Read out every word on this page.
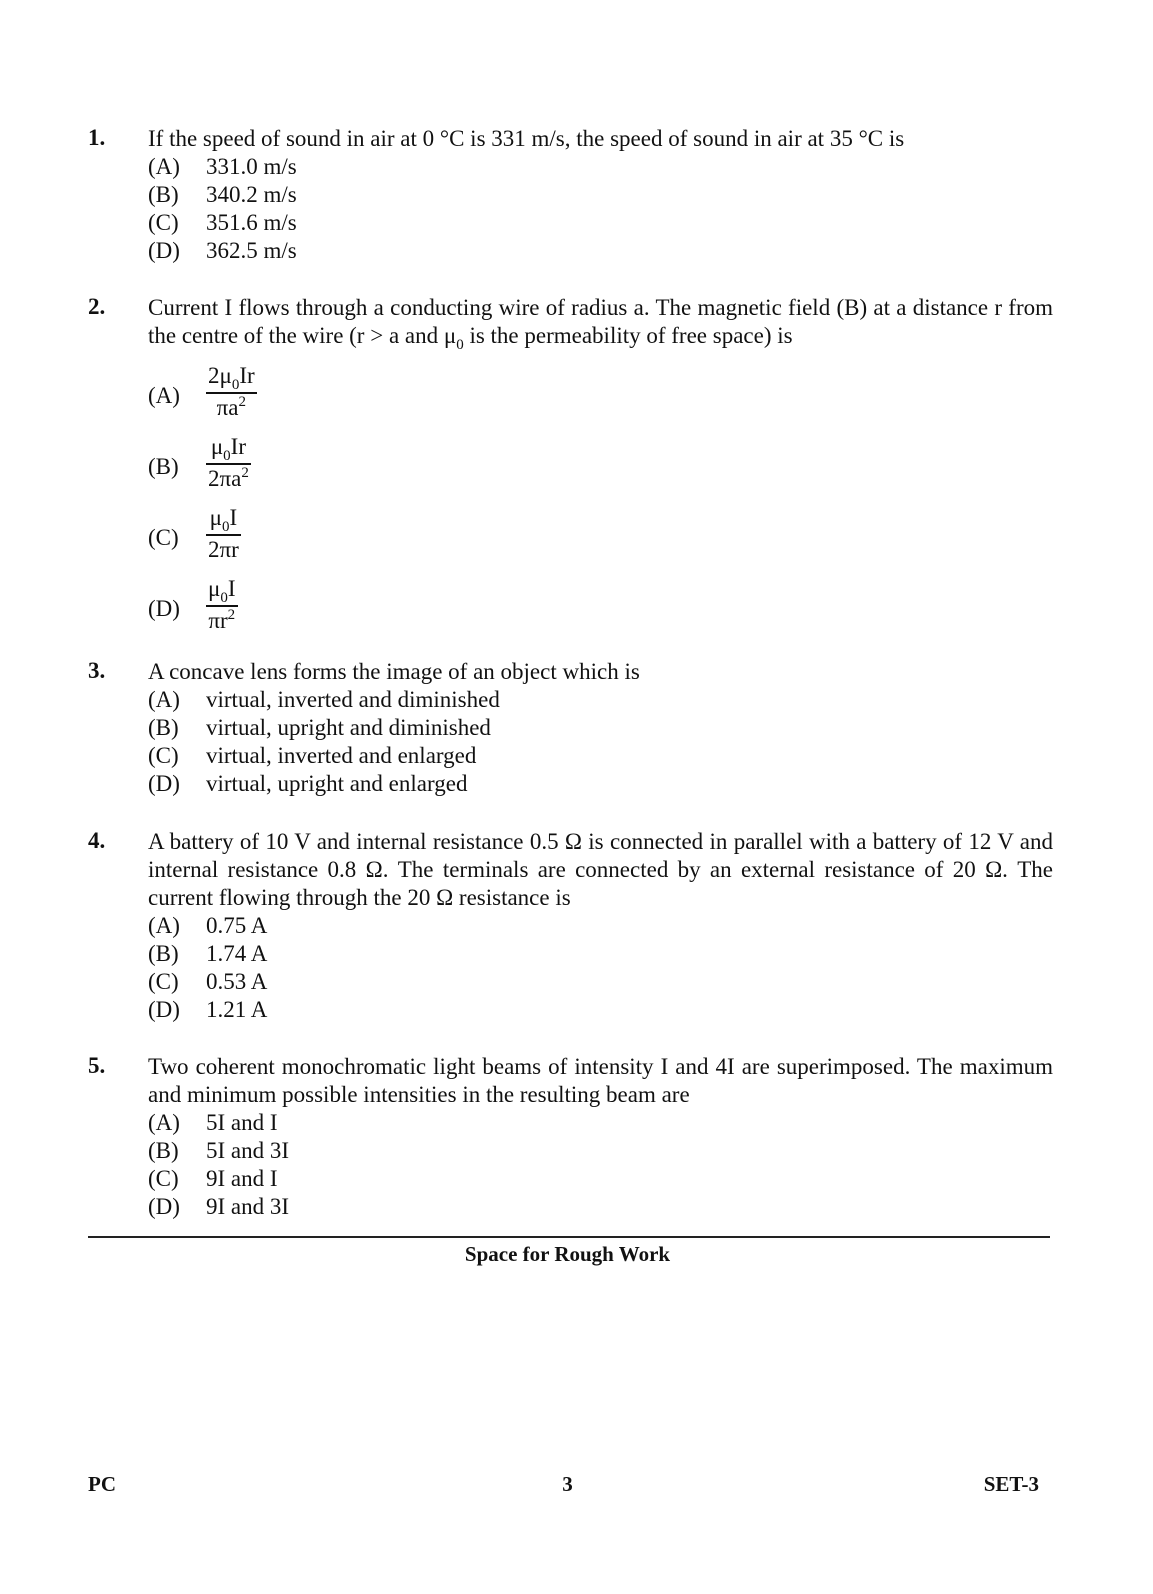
1. If the speed of sound in air at 0 °C is 331 m/s, the speed of sound in air at 35 °C is
(A) 331.0 m/s
(B) 340.2 m/s
(C) 351.6 m/s
(D) 362.5 m/s
2. Current I flows through a conducting wire of radius a. The magnetic field (B) at a distance r from the centre of the wire (r > a and $\mu_0$ is the permeability of free space) is
(A)
$2\mu_0Ir$
$\pi a^2$
(B)
$\mu_0Ir$
$2\pi a^2$
(C)
$\mu_0I$
2πr
(D)
$\mu_0I$
$\pi r^2$
3. A concave lens forms the image of an object which is
(A) virtual, inverted and diminished
(B) virtual, upright and diminished
(C) virtual, inverted and enlarged
(D) virtual, upright and enlarged
4. A battery of 10 V and internal resistance 0.5 Ω is connected in parallel with a battery of 12 V and internal resistance 0.8 Ω. The terminals are connected by an external resistance of 20 Ω. The current flowing through the 20 Ω resistance is
(A) 0.75 A
(B) 1.74 A
(C) 0.53 A
(D) 1.21 A
5. Two coherent monochromatic light beams of intensity I and 4I are superimposed. The maximum and minimum possible intensities in the resulting beam are
(A) 5I and I
(B) 5I and 3I
(C) 9I and I
(D) 9I and 3I
Space for Rough Work
PC	3	SET-3
